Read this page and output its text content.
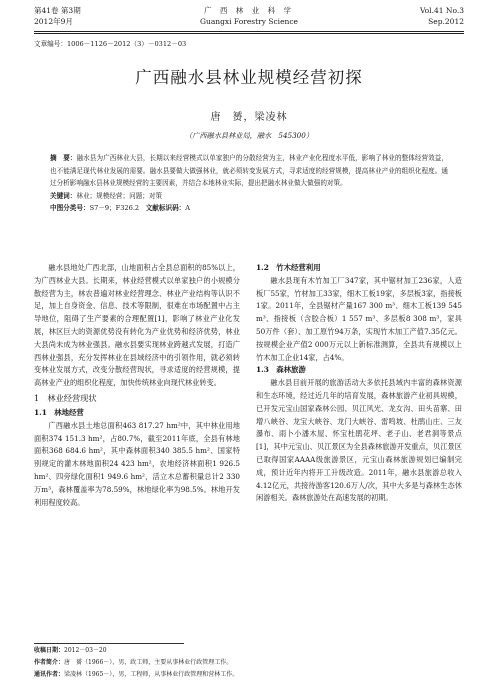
第41卷 第3期
2012年9月
广 西 林 业 科 学
Guangxi Forestry Science
Vol.41 No.3
Sep.2012
文章编号：1006－1126－2012（3）－0312－03
广西融水县林业规模经营初探
唐　赟，梁凌林
（广西融水县林业局，融水　545300）
摘　要：融水县为广西林业大县，长期以来经营模式以单家独户的分散经营为主，林业产业化程度水平低，影响了林业的整体经营效益，也不能满足现代林业发展的需要。融水县要做大做强林业，就必须转变发展方式，寻求适度的经营规模，提高林业产业的组织化程度。通过分析影响融水县林业规模经营的主要因素，并结合本地林业实际，提出把融水林业做大做强的对策。
关键词：林业；规模经营；问题；对策
中图分类号：S7－9；F326.2　 文献标识码：A

融水县地处广西北部，山地面积占全县总面积的85%以上，为广西林业大县。长期来，林业经营模式以单家独户的小规模分散经营为主，林农普遍对林业经营理念、林业产业结构等认识不足，加上自身资金、信息、技术等限制，很难在市场配置中占主导地位，阻碍了生产要素的合理配置[1]，影响了林业产业化发展，林区巨大的资源优势没有转化为产业优势和经济优势，林业大县尚未成为林业强县。融水县要实现林业跨越式发展，打造广西林业强县，充分发挥林业在县域经济中的引领作用，就必须转变林业发展方式，改变分散经营现状，寻求适度的经营规模，提高林业产业的组织化程度，加快传统林业向现代林业转变。

1　林业经营现状
1.1　林地经营

广西融水县土地总面积463 817.27 hm²中，其中林业用地面积374 151.3 hm²，占80.7%，截至2011年底，全县有林地面积368 684.6 hm²，其中森林面积340 385.5 hm²、国家特别规定的灌木林地面积24 423 hm²，农地经济林面积1 926.5 hm²、四旁绿化面积1 949.6 hm²，活立木总蓄积量总计2 330万m³，森林覆盖率为78.59%，林地绿化率为98.5%。林地开发利用程度较高。

1.2　竹木经营利用

融水县现有木竹加工厂347家，其中锯材加工236家，人造板厂55家，竹材加工33家，细木工板19家，多层板3家，指接板1家。2011年，全县锯材产量167 300 m³、细木工板139 545 m³、指接板（含胶合板）1 557 m³、多层板8 308 m³，家具50万件（套）、加工原竹94万条，实现竹木加工产值7.35亿元。按规模企业产值2 000万元以上新标准测算，全县共有规模以上竹木加工企业14家，占4%。

1.3　森林旅游

融水县目前开展的旅游活动大多依托县域内丰富的森林资源和生态环境，经过近几年的培育发展，森林旅游产业初具规模，已开发元宝山国家森林公园、贝江风光、龙女沟、田头苗寨、田增八峡谷、龙宝大峡谷、龙门大峡谷、雷鸣坡、杜鹃山庄、三友瀑布、雨卜小潘木屋、怀宝杜鹃花坪、老子山、老君洞等景点[1]，其中元宝山、贝江景区为全县森林旅游开发重点，贝江景区已取得国家AAAA级旅游景区，元宝山森林旅游规划已编制完成，预计近年内将开工升级改造。2011年，融水县旅游总收入4.12亿元，共接待游客120.6万人/次，其中大多是与森林生态休闲游相关。森林旅游处在高速发展的初期。

收稿日期：2012－03－20
作者简介：唐　赟（1966－），男，政工师，主要从事林业行政管理工作。
通讯作者：梁凌林（1965－），男，工程师，从事林业行政管理和营林工作。
